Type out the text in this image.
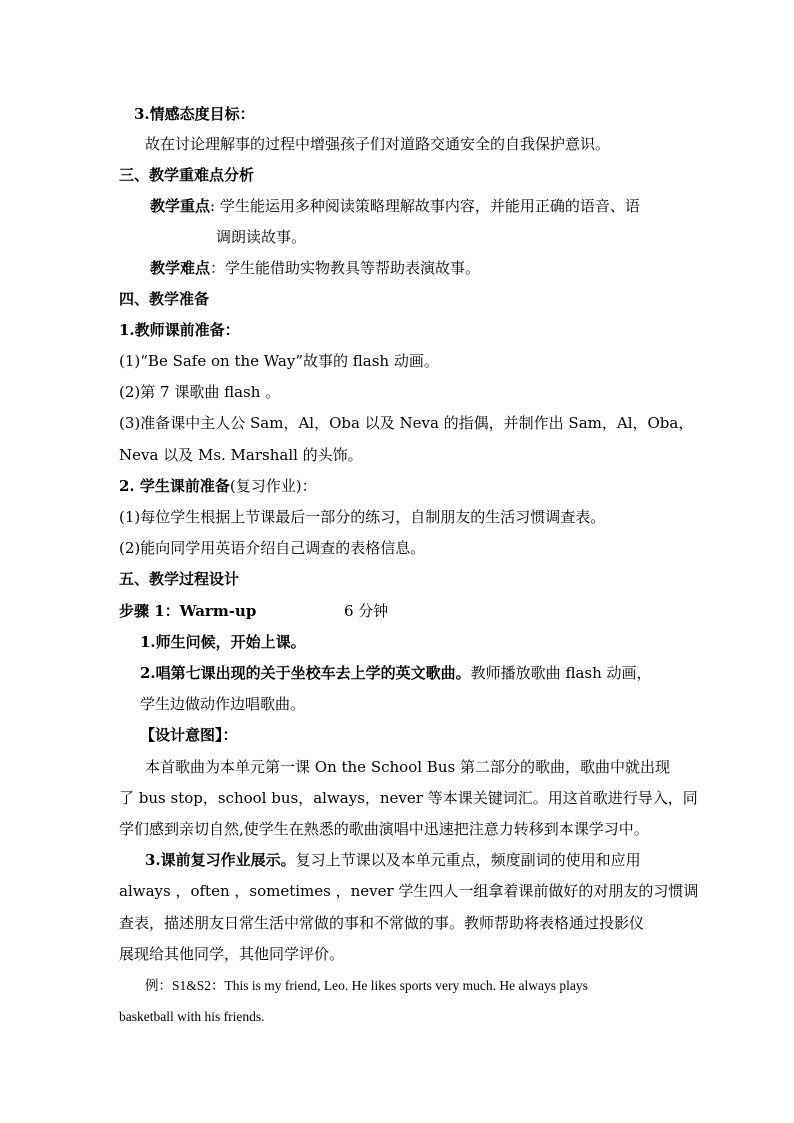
3.情感态度目标：
故在讨论理解事的过程中增强孩子们对道路交通安全的自我保护意识。
三、教学重难点分析
教学重点: 学生能运用多种阅读策略理解故事内容，并能用正确的语音、语
调朗读故事。
教学难点：学生能借助实物教具等帮助表演故事。
四、教学准备
1.教师课前准备：
(1)“Be Safe on the Way”故事的 flash 动画。
(2)第 7 课歌曲 flash 。
(3)准备课中主人公 Sam，Al，Oba 以及 Neva 的指偶，并制作出 Sam，Al，Oba，
Neva 以及 Ms. Marshall 的头饰。
2. 学生课前准备(复习作业)：
(1)每位学生根据上节课最后一部分的练习，自制朋友的生活习惯调查表。
(2)能向同学用英语介绍自己调查的表格信息。
五、教学过程设计
步骤 1：Warm-up	6 分钟
1.师生问候，开始上课。
2.唱第七课出现的关于坐校车去上学的英文歌曲。教师播放歌曲 flash 动画，
学生边做动作边唱歌曲。
【设计意图】：
本首歌曲为本单元第一课 On the School Bus 第二部分的歌曲，歌曲中就出现
了 bus stop，school bus，always，never 等本课关键词汇。用这首歌进行导入，同
学们感到亲切自然,使学生在熟悉的歌曲演唱中迅速把注意力转移到本课学习中。
3.课前复习作业展示。复习上节课以及本单元重点，频度副词的使用和应用
always ，often ，sometimes ，never 学生四人一组拿着课前做好的对朋友的习惯调
查表，描述朋友日常生活中常做的事和不常做的事。教师帮助将表格通过投影仪
展现给其他同学，其他同学评价。
例：S1&S2：This is my friend, Leo. He likes sports very much. He always plays
basketball with his friends.
